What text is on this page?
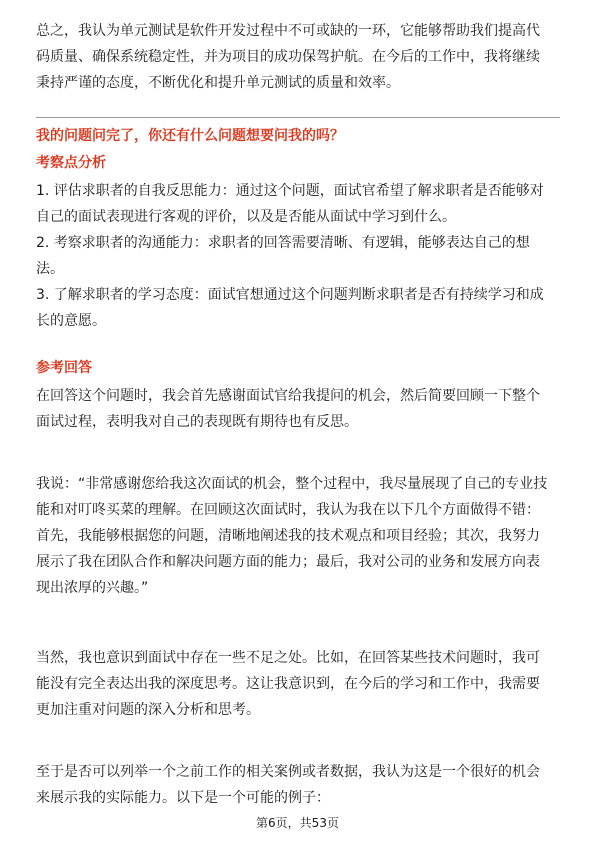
总之，我认为单元测试是软件开发过程中不可或缺的一环，它能够帮助我们提高代
码质量、确保系统稳定性，并为项目的成功保驾护航。在今后的工作中，我将继续
秉持严谨的态度，不断优化和提升单元测试的质量和效率。
我的问题问完了，你还有什么问题想要问我的吗？
考察点分析
1. 评估求职者的自我反思能力：通过这个问题，面试官希望了解求职者是否能够对
自己的面试表现进行客观的评价，以及是否能从面试中学习到什么。
2. 考察求职者的沟通能力：求职者的回答需要清晰、有逻辑，能够表达自己的想
法。
3. 了解求职者的学习态度：面试官想通过这个问题判断求职者是否有持续学习和成
长的意愿。
参考回答
在回答这个问题时，我会首先感谢面试官给我提问的机会，然后简要回顾一下整个
面试过程，表明我对自己的表现既有期待也有反思。
我说：“非常感谢您给我这次面试的机会，整个过程中，我尽量展现了自己的专业技
能和对叮咚买菜的理解。在回顾这次面试时，我认为我在以下几个方面做得不错：
首先，我能够根据您的问题，清晰地阐述我的技术观点和项目经验；其次，我努力
展示了我在团队合作和解决问题方面的能力；最后，我对公司的业务和发展方向表
现出浓厚的兴趣。”
当然，我也意识到面试中存在一些不足之处。比如，在回答某些技术问题时，我可
能没有完全表达出我的深度思考。这让我意识到，在今后的学习和工作中，我需要
更加注重对问题的深入分析和思考。
至于是否可以列举一个之前工作的相关案例或者数据，我认为这是一个很好的机会
来展示我的实际能力。以下是一个可能的例子：
第6页，共53页
